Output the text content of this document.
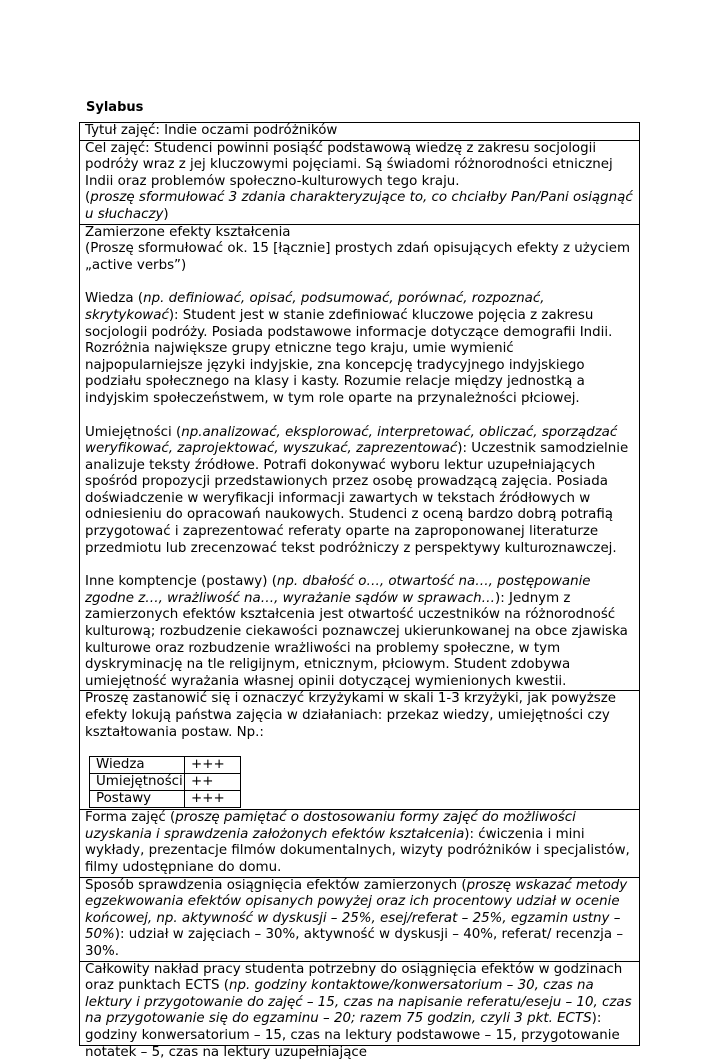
Sylabus

Tytuł zajęć: Indie oczami podróżników

Cel zajęć: Studenci powinni posiąść podstawową wiedzę z zakresu socjologii podróży wraz z jej kluczowymi pojęciami. Są świadomi różnorodności etnicznej Indii oraz problemów społeczno-kulturowych tego kraju.

(proszę sformułować 3 zdania charakteryzujące to, co chciałby Pan/Pani osiągnąć u słuchaczy)

Zamierzone efekty kształcenia

(Proszę sformułować ok. 15 [łącznie] prostych zdań opisujących efekty z użyciem „active verbs”)

Wiedza (np. definiować, opisać, podsumować, porównać, rozpoznać, skrytykować): Student jest w stanie zdefiniować kluczowe pojęcia z zakresu socjologii podróży. Posiada podstawowe informacje dotyczące demografii Indii. Rozróżnia największe grupy etniczne tego kraju, umie wymienić najpopularniejsze języki indyjskie, zna koncepcję tradycyjnego indyjskiego podziału społecznego na klasy i kasty. Rozumie relacje między jednostką a indyjskim społeczeństwem, w tym role oparte na przynależności płciowej.

Umiejętności (np.analizować, eksplorować, interpretować, obliczać, sporządzać weryfikować, zaprojektować, wyszukać, zaprezentować): Uczestnik samodzielnie analizuje teksty źródłowe. Potrafi dokonywać wyboru lektur uzupełniających spośród propozycji przedstawionych przez osobę prowadzącą zajęcia. Posiada doświadczenie w weryfikacji informacji zawartych w tekstach źródłowych w odniesieniu do opracowań naukowych. Studenci z oceną bardzo dobrą potrafią przygotować i zaprezentować referaty oparte na zaproponowanej literaturze przedmiotu lub zrecenzować tekst podróżniczy z perspektywy kulturoznawczej.

Inne komptencje (postawy) (np. dbałość o…, otwartość na…, postępowanie zgodne z…, wrażliwość na…, wyrażanie sądów w sprawach…): Jednym z zamierzonych efektów kształcenia jest otwartość uczestników na różnorodność kulturową; rozbudzenie ciekawości poznawczej ukierunkowanej na obce zjawiska kulturowe oraz rozbudzenie wrażliwości na problemy społeczne, w tym dyskryminację na tle religijnym, etnicznym, płciowym. Student zdobywa umiejętność wyrażania własnej opinii dotyczącej wymienionych kwestii.

Proszę zastanowić się i oznaczyć krzyżykami w skali 1-3 krzyżyki, jak powyższe efekty lokują państwa zajęcia w działaniach: przekaz wiedzy, umiejętności czy kształtowania postaw. Np.:

Wiedza	+++
Umiejętności	++
Postawy	+++

Forma zajęć (proszę pamiętać o dostosowaniu formy zajęć do możliwości uzyskania i sprawdzenia założonych efektów kształcenia): ćwiczenia i mini wykłady, prezentacje filmów dokumentalnych, wizyty podróżników i specjalistów, filmy udostępniane do domu.

Sposób sprawdzenia osiągnięcia efektów zamierzonych (proszę wskazać metody egzekwowania efektów opisanych powyżej oraz ich procentowy udział w ocenie końcowej, np. aktywność w dyskusji – 25%, esej/referat – 25%, egzamin ustny – 50%): udział w zajęciach – 30%, aktywność w dyskusji – 40%, referat/ recenzja – 30%.

Całkowity nakład pracy studenta potrzebny do osiągnięcia efektów w godzinach oraz punktach ECTS (np. godziny kontaktowe/konwersatorium – 30, czas na lektury i przygotowanie do zajęć – 15, czas na napisanie referatu/eseju – 10, czas na przygotowanie się do egzaminu – 20; razem 75 godzin, czyli 3 pkt. ECTS): godziny konwersatorium – 15, czas na lektury podstawowe – 15, przygotowanie notatek – 5, czas na lektury uzupełniające
